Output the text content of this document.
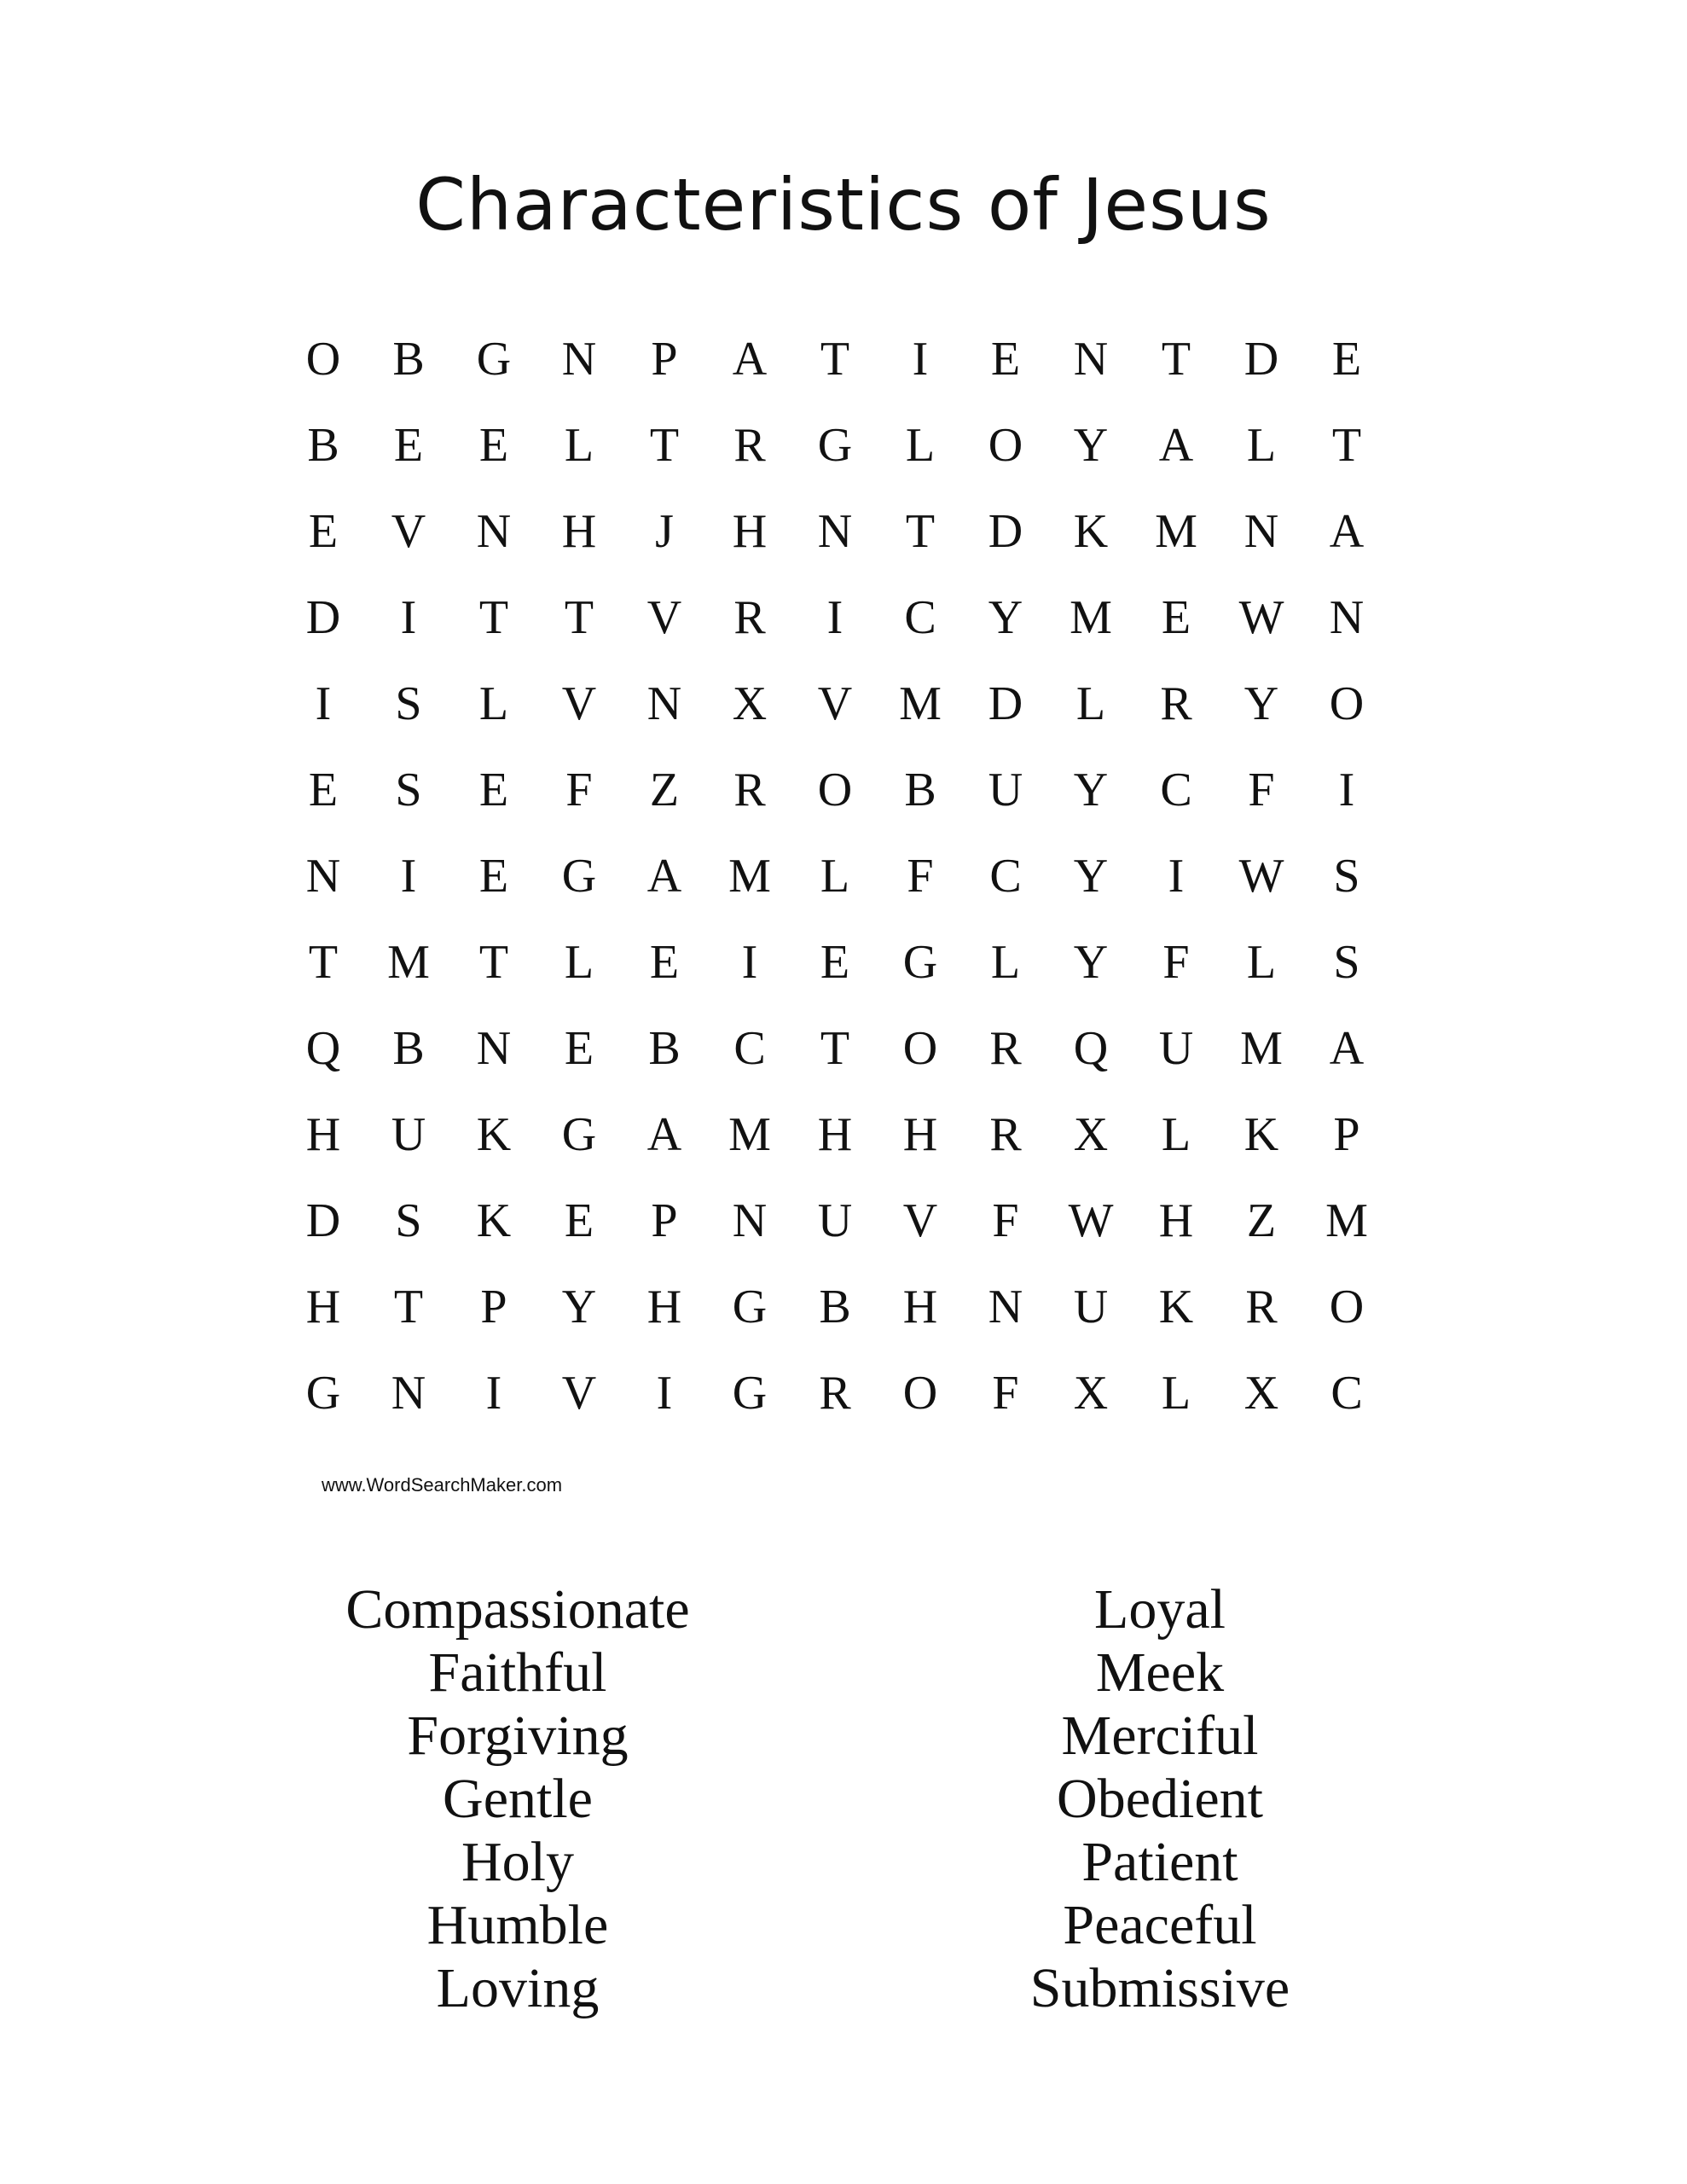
Characteristics of Jesus
O	B	G	N	P	A	T	I	E	N	T	D	E
B	E	E	L	T	R	G	L	O	Y	A	L	T
E	V	N	H	J	H	N	T	D	K M N	A
D	I	T	T	V	R	I	C	Y M	E	W N
I	S	L	V	N	X	V M D	L	R	Y	O
E	S	E	F	Z	R	O	B	U	Y	C	F	I
N	I	E	G	A M	L	F	C	Y	I	W	S
T	M	T	L	E	I	E	G	L	Y	F	L	S
Q	B	N	E	B	C	T	O	R	Q	U M A
H	U	K	G	A M H	H	R	X	L	K	P
D	S	K	E	P	N	U	V	F	W H	Z	M
H	T	P	Y	H	G	B	H	N	U	K	R	O
G	N	I	V	I	G	R	O	F	X	L	X	C
www.WordSearchMaker.com
Compassionate
Faithful
Forgiving
Gentle
Holy
Humble
Loving
Loyal
Meek
Merciful
Obedient
Patient
Peaceful
Submissive
